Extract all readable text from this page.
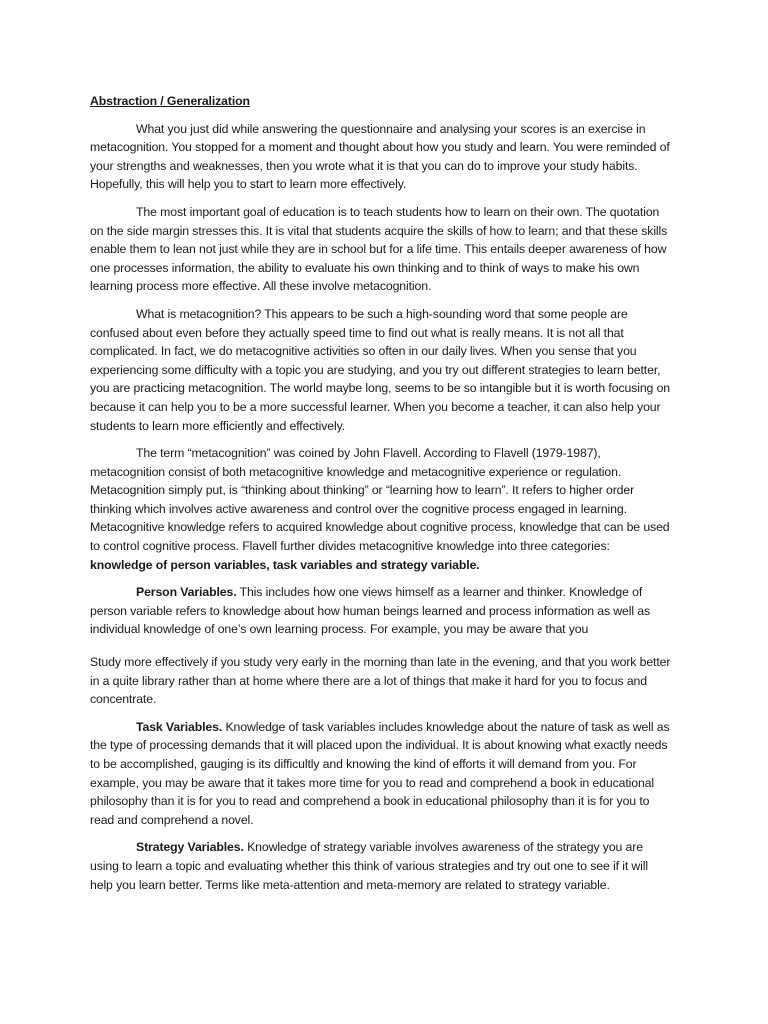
Abstraction / Generalization

What you just did while answering the questionnaire and analysing your scores is an exercise in metacognition. You stopped for a moment and thought about how you study and learn. You were reminded of your strengths and weaknesses, then you wrote what it is that you can do to improve your study habits. Hopefully, this will help you to start to learn more effectively.

The most important goal of education is to teach students how to learn on their own. The quotation on the side margin stresses this. It is vital that students acquire the skills of how to learn; and that these skills enable them to lean not just while they are in school but for a life time. This entails deeper awareness of how one processes information, the ability to evaluate his own thinking and to think of ways to make his own learning process more effective. All these involve metacognition.

What is metacognition? This appears to be such a high-sounding word that some people are confused about even before they actually speed time to find out what is really means. It is not all that complicated. In fact, we do metacognitive activities so often in our daily lives. When you sense that you experiencing some difficulty with a topic you are studying, and you try out different strategies to learn better, you are practicing metacognition. The world maybe long, seems to be so intangible but it is worth focusing on because it can help you to be a more successful learner. When you become a teacher, it can also help your students to learn more efficiently and effectively.

The term “metacognition” was coined by John Flavell. According to Flavell (1979-1987), metacognition consist of both metacognitive knowledge and metacognitive experience or regulation. Metacognition simply put, is “thinking about thinking” or “learning how to learn”. It refers to higher order thinking which involves active awareness and control over the cognitive process engaged in learning. Metacognitive knowledge refers to acquired knowledge about cognitive process, knowledge that can be used to control cognitive process. Flavell further divides metacognitive knowledge into three categories: knowledge of person variables, task variables and strategy variable.

Person Variables. This includes how one views himself as a learner and thinker. Knowledge of person variable refers to knowledge about how human beings learned and process information as well as individual knowledge of one’s own learning process. For example, you may be aware that you

Study more effectively if you study very early in the morning than late in the evening, and that you work better in a quite library rather than at home where there are a lot of things that make it hard for you to focus and concentrate.

Task Variables. Knowledge of task variables includes knowledge about the nature of task as well as the type of processing demands that it will placed upon the individual. It is about knowing what exactly needs to be accomplished, gauging is its difficultly and knowing the kind of efforts it will demand from you. For example, you may be aware that it takes more time for you to read and comprehend a book in educational philosophy than it is for you to read and comprehend a book in educational philosophy than it is for you to read and comprehend a novel.

Strategy Variables. Knowledge of strategy variable involves awareness of the strategy you are using to learn a topic and evaluating whether this think of various strategies and try out one to see if it will help you learn better. Terms like meta-attention and meta-memory are related to strategy variable.
